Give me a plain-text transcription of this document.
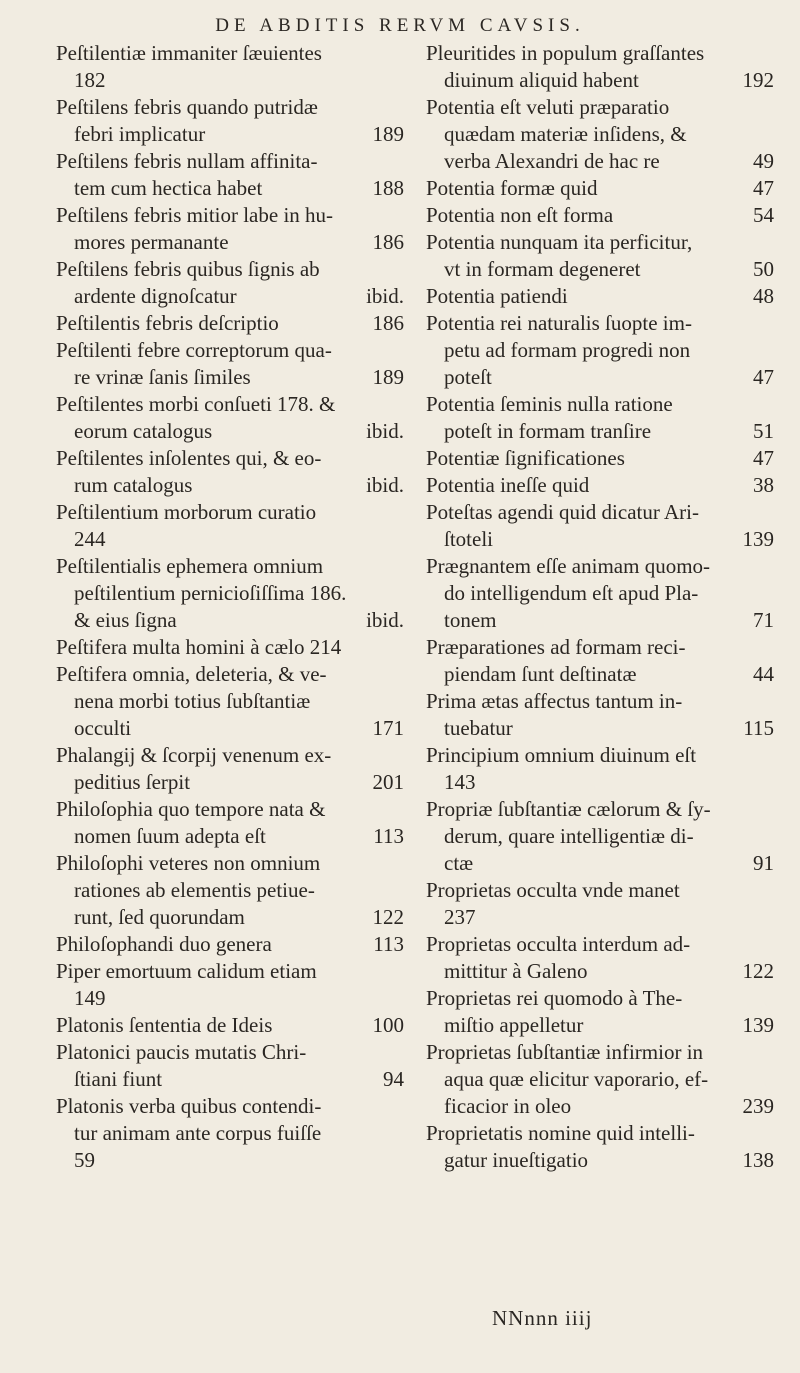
DE ABDITIS RERVM CAVSIS.
Peſtilentiæ immaniter ſæuientes
182
Peſtilens febris quando putridæ
febri implicatur	189
Peſtilens febris nullam affinita-
tem cum hectica habet	188
Peſtilens febris mitior labe in hu-
mores permanante	186
Peſtilens febris quibus ſignis ab
ardente dignoſcatur	ibid.
Peſtilentis febris deſcriptio	186
Peſtilenti febre correptorum qua-
re vrinæ ſanis ſimiles	189
Peſtilentes morbi conſueti 178. &
eorum catalogus	ibid.
Peſtilentes inſolentes qui, & eo-
rum catalogus	ibid.
Peſtilentium morborum curatio
244
Peſtilentialis ephemera omnium
peſtilentium pernicioſiſſima 186.
& eius ſigna	ibid.
Peſtifera multa homini à cælo 214
Peſtifera omnia, deleteria, & ve-
nena morbi totius ſubſtantiæ
occulti	171
Phalangij & ſcorpij venenum ex-
peditius ſerpit	201
Philoſophia quo tempore nata &
nomen ſuum adepta eſt	113
Philoſophi veteres non omnium
rationes ab elementis petiue-
runt, ſed quorundam	122
Philoſophandi duo genera	113
Piper emortuum calidum etiam
149
Platonis ſententia de Ideis	100
Platonici paucis mutatis Chri-
ſtiani fiunt	94
Platonis verba quibus contendi-
tur animam ante corpus fuiſſe
59
Pleuritides in populum graſſantes
diuinum aliquid habent	192
Potentia eſt veluti præparatio
quædam materiæ inſidens, &
verba Alexandri de hac re	49
Potentia formæ quid	47
Potentia non eſt forma	54
Potentia nunquam ita perficitur,
vt in formam degeneret	50
Potentia patiendi	48
Potentia rei naturalis ſuopte im-
petu ad formam progredi non
poteſt	47
Potentia ſeminis nulla ratione
poteſt in formam tranſire	51
Potentiæ ſignificationes	47
Potentia ineſſe quid	38
Poteſtas agendi quid dicatur Ari-
ſtoteli	139
Prægnantem eſſe animam quomo-
do intelligendum eſt apud Pla-
tonem	71
Præparationes ad formam reci-
piendam ſunt deſtinatæ	44
Prima ætas affectus tantum in-
tuebatur	115
Principium omnium diuinum eſt
143
Propriæ ſubſtantiæ cælorum & ſy-
derum, quare intelligentiæ di-
ctæ	91
Proprietas occulta vnde manet
237
Proprietas occulta interdum ad-
mittitur à Galeno	122
Proprietas rei quomodo à The-
miſtio appelletur	139
Proprietas ſubſtantiæ infirmior in
aqua quæ elicitur vaporario, ef-
ficacior in oleo	239
Proprietatis nomine quid intelli-
gatur inueſtigatio	138
NNnnn iiij
